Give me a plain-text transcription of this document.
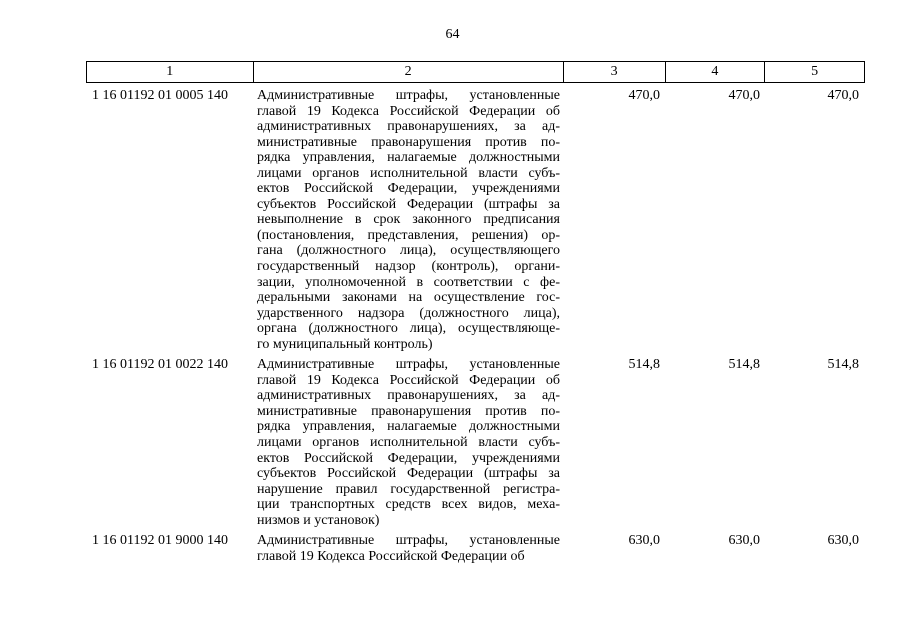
64
1	2	3	4	5
1 16 01192 01 0005 140	Административные штрафы, установленные
главой 19 Кодекса Российской Федерации об
административных правонарушениях, за ад-
министративные правонарушения против по-
рядка управления, налагаемые должностными
лицами органов исполнительной власти субъ-
ектов Российской Федерации, учреждениями
субъектов Российской Федерации (штрафы за
невыполнение в срок законного предписания
(постановления, представления, решения) ор-
гана (должностного лица), осуществляющего
государственный надзор (контроль), органи-
зации, уполномоченной в соответствии с фе-
деральными законами на осуществление гос-
ударственного надзора (должностного лица),
органа (должностного лица), осуществляюще-
го муниципальный контроль)
470,0	470,0	470,0
1 16 01192 01 0022 140	Административные штрафы, установленные
главой 19 Кодекса Российской Федерации об
административных правонарушениях, за ад-
министративные правонарушения против по-
рядка управления, налагаемые должностными
лицами органов исполнительной власти субъ-
ектов Российской Федерации, учреждениями
субъектов Российской Федерации (штрафы за
нарушение правил государственной регистра-
ции транспортных средств всех видов, меха-
низмов и установок)
514,8	514,8	514,8
1 16 01192 01 9000 140	Административные штрафы, установленные
главой 19 Кодекса Российской Федерации об
630,0	630,0	630,0
